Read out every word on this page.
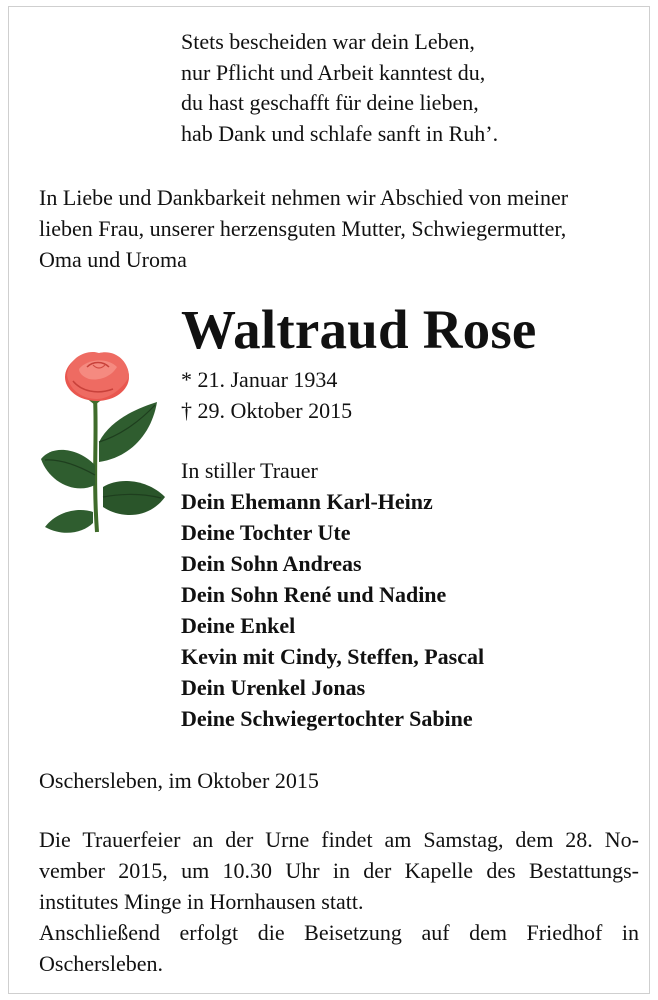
Stets bescheiden war dein Leben,
nur Pflicht und Arbeit kanntest du,
du hast geschafft für deine lieben,
hab Dank und schlafe sanft in Ruh’.
In Liebe und Dankbarkeit nehmen wir Abschied von meiner
lieben Frau, unserer herzensguten Mutter, Schwiegermutter,
Oma und Uroma
Waltraud Rose
* 21. Januar 1934
† 29. Oktober 2015
In stiller Trauer
Dein Ehemann Karl-Heinz
Deine Tochter Ute
Dein Sohn Andreas
Dein Sohn René und Nadine
Deine Enkel
Kevin mit Cindy, Steffen, Pascal
Dein Urenkel Jonas
Deine Schwiegertochter Sabine
Oschersleben, im Oktober 2015
Die Trauerfeier an der Urne findet am Samstag, dem 28. No-
vember 2015, um 10.30 Uhr in der Kapelle des Bestattungs-
institutes Minge in Hornhausen statt.
Anschließend erfolgt die Beisetzung auf dem Friedhof in
Oschersleben.
